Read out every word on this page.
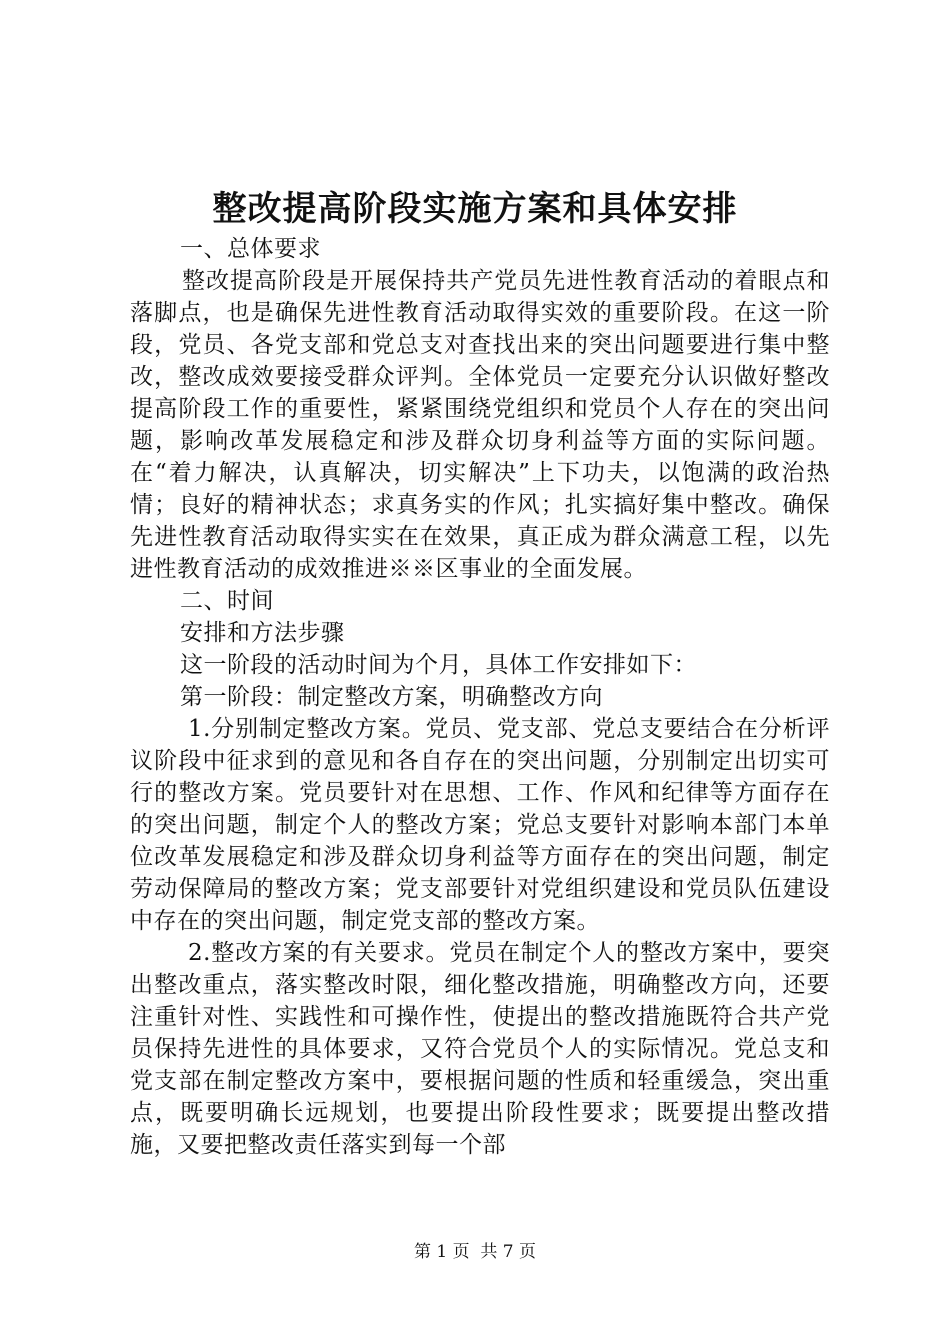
整改提高阶段实施方案和具体安排

一、总体要求

整改提高阶段是开展保持共产党员先进性教育活动的着眼点和落脚点，也是确保先进性教育活动取得实效的重要阶段。在这一阶段，党员、各党支部和党总支对查找出来的突出问题要进行集中整改，整改成效要接受群众评判。全体党员一定要充分认识做好整改提高阶段工作的重要性，紧紧围绕党组织和党员个人存在的突出问题，影响改革发展稳定和涉及群众切身利益等方面的实际问题。在“着力解决，认真解决，切实解决”上下功夫，以饱满的政治热情；良好的精神状态；求真务实的作风；扎实搞好集中整改。确保先进性教育活动取得实实在在效果，真正成为群众满意工程，以先进性教育活动的成效推进※※区事业的全面发展。

二、时间

安排和方法步骤

这一阶段的活动时间为个月，具体工作安排如下：

第一阶段：制定整改方案，明确整改方向

1.分别制定整改方案。党员、党支部、党总支要结合在分析评议阶段中征求到的意见和各自存在的突出问题，分别制定出切实可行的整改方案。党员要针对在思想、工作、作风和纪律等方面存在的突出问题，制定个人的整改方案；党总支要针对影响本部门本单位改革发展稳定和涉及群众切身利益等方面存在的突出问题，制定劳动保障局的整改方案；党支部要针对党组织建设和党员队伍建设中存在的突出问题，制定党支部的整改方案。

2.整改方案的有关要求。党员在制定个人的整改方案中，要突出整改重点，落实整改时限，细化整改措施，明确整改方向，还要注重针对性、实践性和可操作性，使提出的整改措施既符合共产党员保持先进性的具体要求，又符合党员个人的实际情况。党总支和党支部在制定整改方案中，要根据问题的性质和轻重缓急，突出重点，既要明确长远规划，也要提出阶段性要求；既要提出整改措施，又要把整改责任落实到每一个部

第 1 页  共 7 页
